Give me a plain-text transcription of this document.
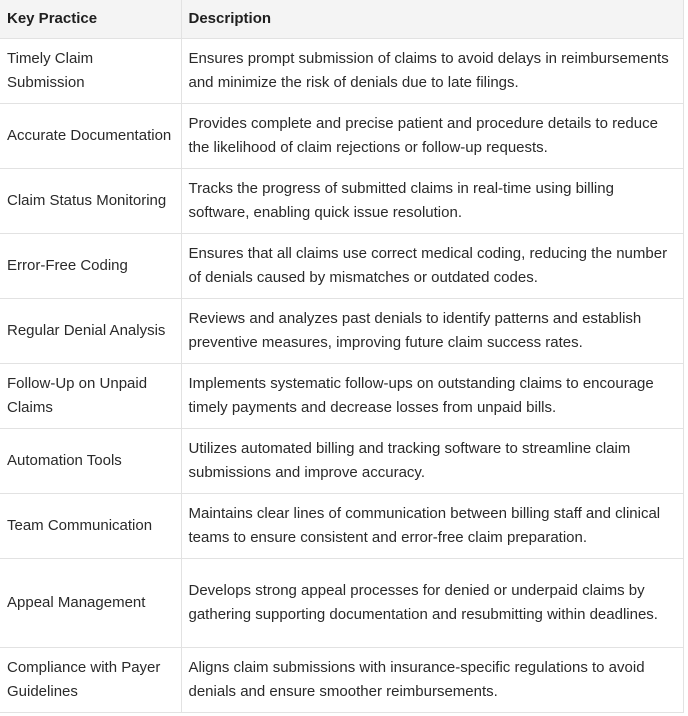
Key Practice	Description
Timely Claim Submission	Ensures prompt submission of claims to avoid delays in reimbursements and minimize the risk of denials due to late filings.
Accurate Documentation	Provides complete and precise patient and procedure details to reduce the likelihood of claim rejections or follow-up requests.
Claim Status Monitoring	Tracks the progress of submitted claims in real-time using billing software, enabling quick issue resolution.
Error-Free Coding	Ensures that all claims use correct medical coding, reducing the number of denials caused by mismatches or outdated codes.
Regular Denial Analysis	Reviews and analyzes past denials to identify patterns and establish preventive measures, improving future claim success rates.
Follow-Up on Unpaid Claims	Implements systematic follow-ups on outstanding claims to encourage timely payments and decrease losses from unpaid bills.
Automation Tools	Utilizes automated billing and tracking software to streamline claim submissions and improve accuracy.
Team Communication	Maintains clear lines of communication between billing staff and clinical teams to ensure consistent and error-free claim preparation.
Appeal Management	Develops strong appeal processes for denied or underpaid claims by gathering supporting documentation and resubmitting within deadlines.
Compliance with Payer Guidelines	Aligns claim submissions with insurance-specific regulations to avoid denials and ensure smoother reimbursements.
